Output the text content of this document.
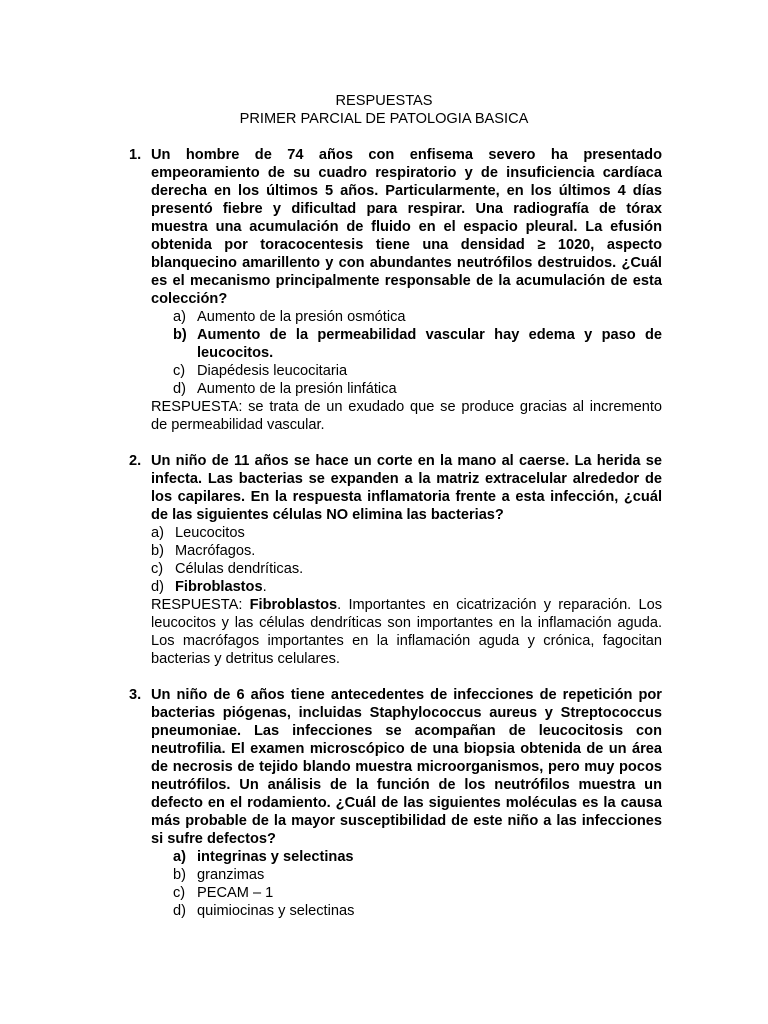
RESPUESTAS

PRIMER PARCIAL DE PATOLOGIA BASICA

1. Un hombre de 74 años con enfisema severo ha presentado empeoramiento de su cuadro respiratorio y de insuficiencia cardíaca derecha en los últimos 5 años. Particularmente, en los últimos 4 días presentó fiebre y dificultad para respirar. Una radiografía de tórax muestra una acumulación de fluido en el espacio pleural. La efusión obtenida por toracocentesis tiene una densidad ≥ 1020, aspecto blanquecino amarillento y con abundantes neutrófilos destruidos. ¿Cuál es el mecanismo principalmente responsable de la acumulación de esta colección?
a) Aumento de la presión osmótica
b) Aumento de la permeabilidad vascular hay edema y paso de leucocitos.
c) Diapédesis leucocitaria
d) Aumento de la presión linfática
RESPUESTA: se trata de un exudado que se produce gracias al incremento de permeabilidad vascular.
2. Un niño de 11 años se hace un corte en la mano al caerse. La herida se infecta. Las bacterias se expanden a la matriz extracelular alrededor de los capilares. En la respuesta inflamatoria frente a esta infección, ¿cuál de las siguientes células NO elimina las bacterias?
a) Leucocitos
b) Macrófagos.
c) Células dendríticas.
d) Fibroblastos.
RESPUESTA: Fibroblastos. Importantes en cicatrización y reparación. Los leucocitos y las células dendríticas son importantes en la inflamación aguda. Los macrófagos importantes en la inflamación aguda y crónica, fagocitan bacterias y detritus celulares.
3. Un niño de 6 años tiene antecedentes de infecciones de repetición por bacterias piógenas, incluidas Staphylococcus aureus y Streptococcus pneumoniae. Las infecciones se acompañan de leucocitosis con neutrofilia. El examen microscópico de una biopsia obtenida de un área de necrosis de tejido blando muestra microorganismos, pero muy pocos neutrófilos. Un análisis de la función de los neutrófilos muestra un defecto en el rodamiento. ¿Cuál de las siguientes moléculas es la causa más probable de la mayor susceptibilidad de este niño a las infecciones si sufre defectos?
a) integrinas y selectinas
b) granzimas
c) PECAM – 1
d) quimiocinas y selectinas
